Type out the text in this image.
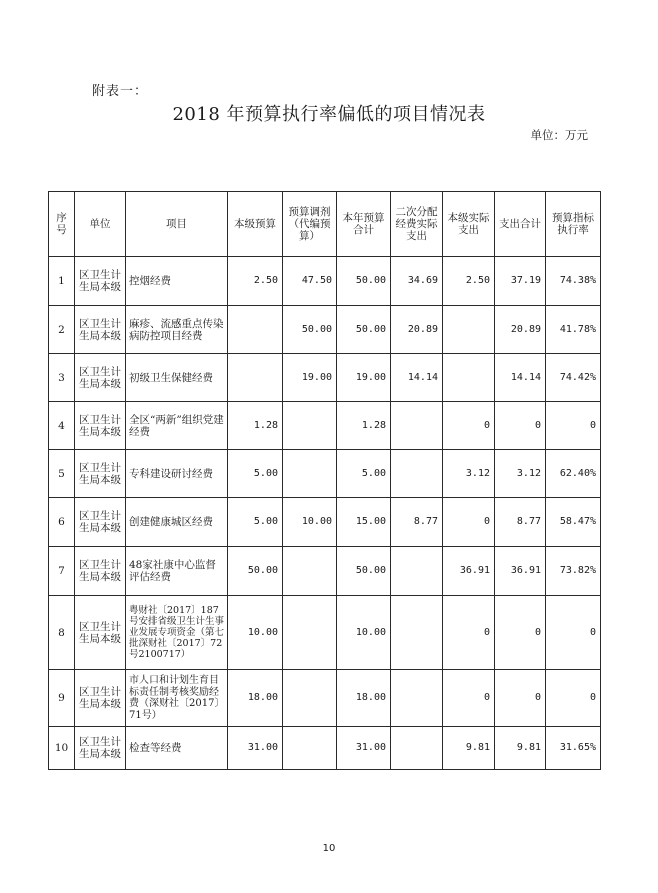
附表一：
2018 年预算执行率偏低的项目情况表
单位：万元
序号	单位	项目	本级预算	预算调剂（代编预算）	本年预算合计	二次分配经费实际支出	本级实际支出	支出合计	预算指标执行率
1	区卫生计生局本级	控烟经费	2.50	47.50	50.00	34.69	2.50	37.19	74.38%
2	区卫生计生局本级	麻疹、流感重点传染病防控项目经费		50.00	50.00	20.89		20.89	41.78%
3	区卫生计生局本级	初级卫生保健经费		19.00	19.00	14.14		14.14	74.42%
4	区卫生计生局本级	全区“两新”组织党建经费	1.28		1.28		0	0	0
5	区卫生计生局本级	专科建设研讨经费	5.00		5.00		3.12	3.12	62.40%
6	区卫生计生局本级	创建健康城区经费	5.00	10.00	15.00	8.77	0	8.77	58.47%
7	区卫生计生局本级	48家社康中心监督评估经费	50.00		50.00		36.91	36.91	73.82%
8	区卫生计生局本级	粤财社〔2017〕187号安排省级卫生计生事业发展专项资金（第七批深财社〔2017〕72号2100717）	10.00		10.00		0	0	0
9	区卫生计生局本级	市人口和计划生育目标责任制考核奖励经费（深财社〔2017〕71号）	18.00		18.00		0	0	0
10	区卫生计生局本级	检查等经费	31.00		31.00		9.81	9.81	31.65%
10
